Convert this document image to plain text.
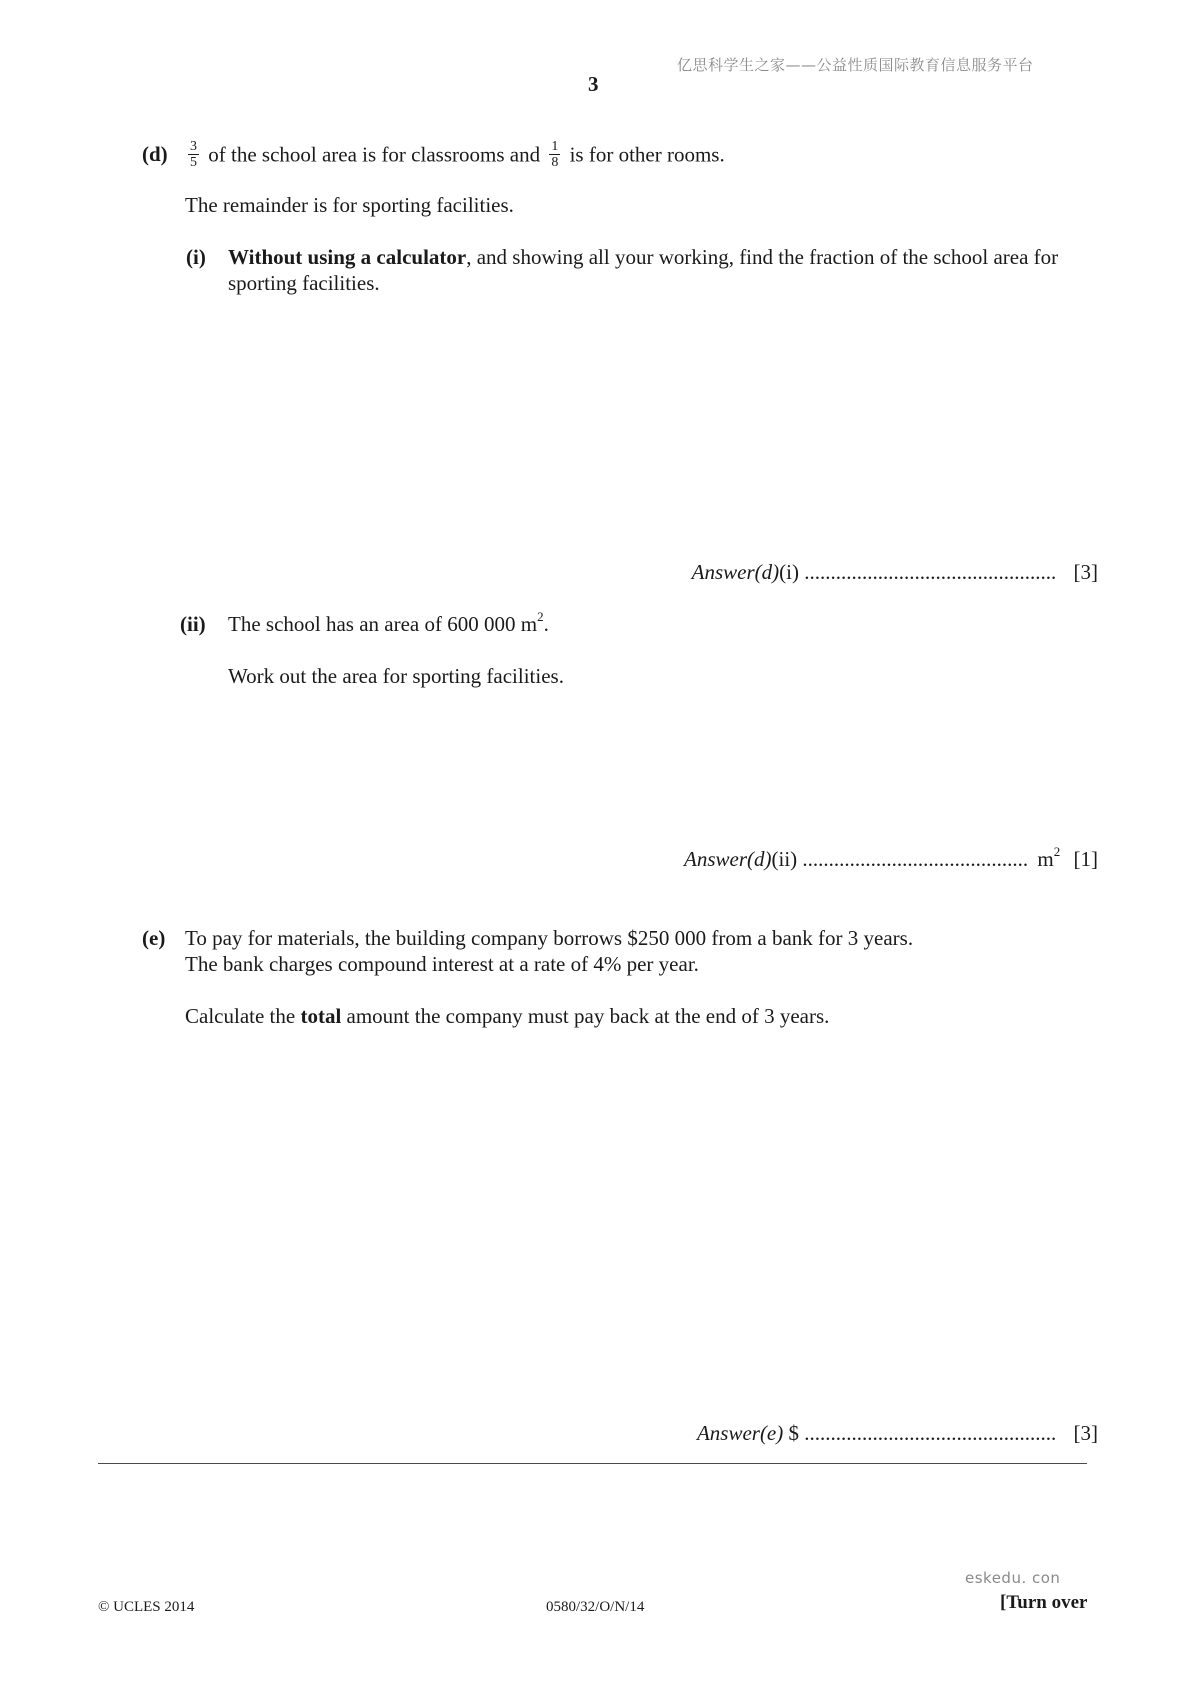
亿思科学生之家——公益性质国际教育信息服务平台
3
$(d) \frac{3}{5}$ of the school area is for classrooms and $\frac{1}{8}$ is for other rooms.
The remainder is for sporting facilities.
(i) Without using a calculator, and showing all your working, find the fraction of the school area for
sporting facilities.
Answer(d)(i) ................................................ [3]
(ii) The school has an area of 600 000 $m^2$.
Work out the area for sporting facilities.
Answer(d)(ii) ........................................... $m^2$ [1]
(e) To pay for materials, the building company borrows $250 000 from a bank for 3 years.
The bank charges compound interest at a rate of 4% per year.
Calculate the total amount the company must pay back at the end of 3 years.
Answer(e) $ ................................................ [3]
eskedu. con
© UCLES 2014	0580/32/O/N/14	[Turn over
